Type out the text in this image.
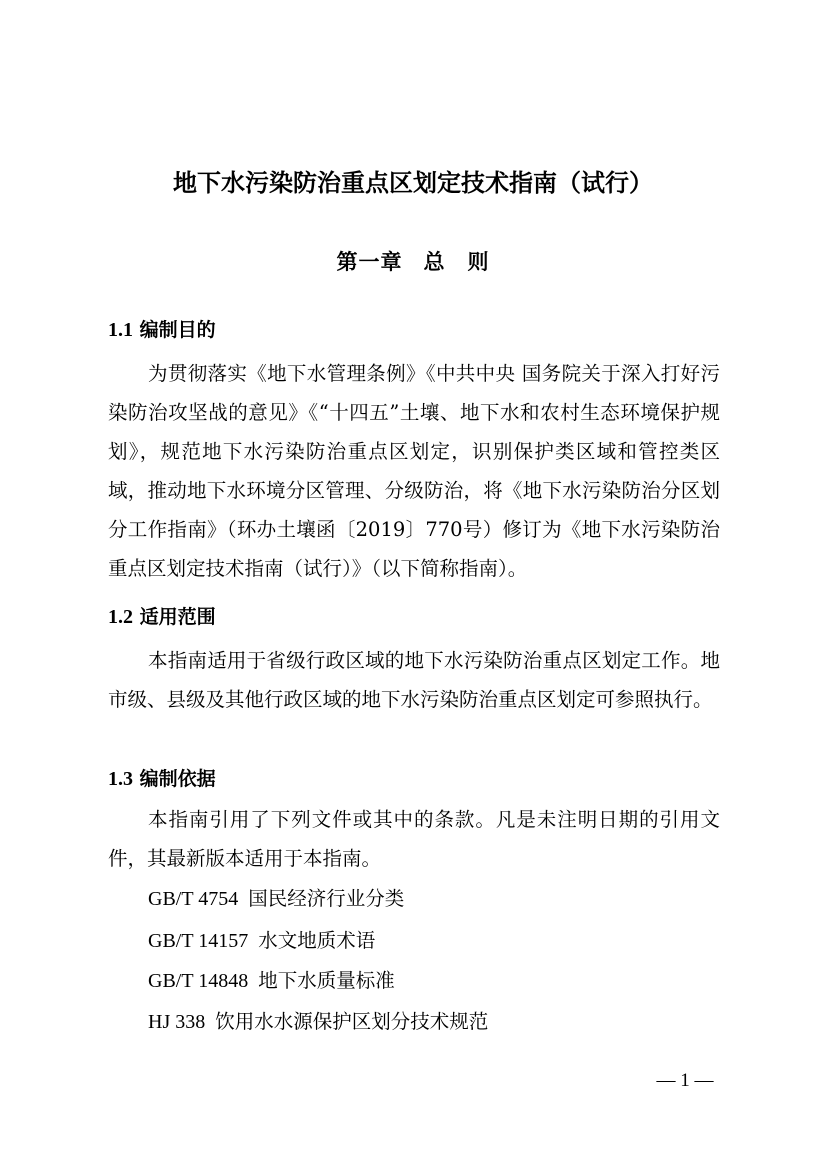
地下水污染防治重点区划定技术指南（试行）
第一章 总　则
1.1 编制目的

为贯彻落实《地下水管理条例》《中共中央 国务院关于深入打好污染防治攻坚战的意见》《“十四五”土壤、地下水和农村生态环境保护规划》，规范地下水污染防治重点区划定，识别保护类区域和管控类区域，推动地下水环境分区管理、分级防治，将《地下水污染防治分区划分工作指南》（环办土壤函〔2019〕770号）修订为《地下水污染防治重点区划定技术指南（试行）》（以下简称指南）。

1.2 适用范围

本指南适用于省级行政区域的地下水污染防治重点区划定工作。地市级、县级及其他行政区域的地下水污染防治重点区划定可参照执行。

1.3 编制依据

本指南引用了下列文件或其中的条款。凡是未注明日期的引用文件，其最新版本适用于本指南。

GB/T 4754 国民经济行业分类
GB/T 14157 水文地质术语
GB/T 14848 地下水质量标准
HJ 338 饮用水水源保护区划分技术规范
— 1 —
